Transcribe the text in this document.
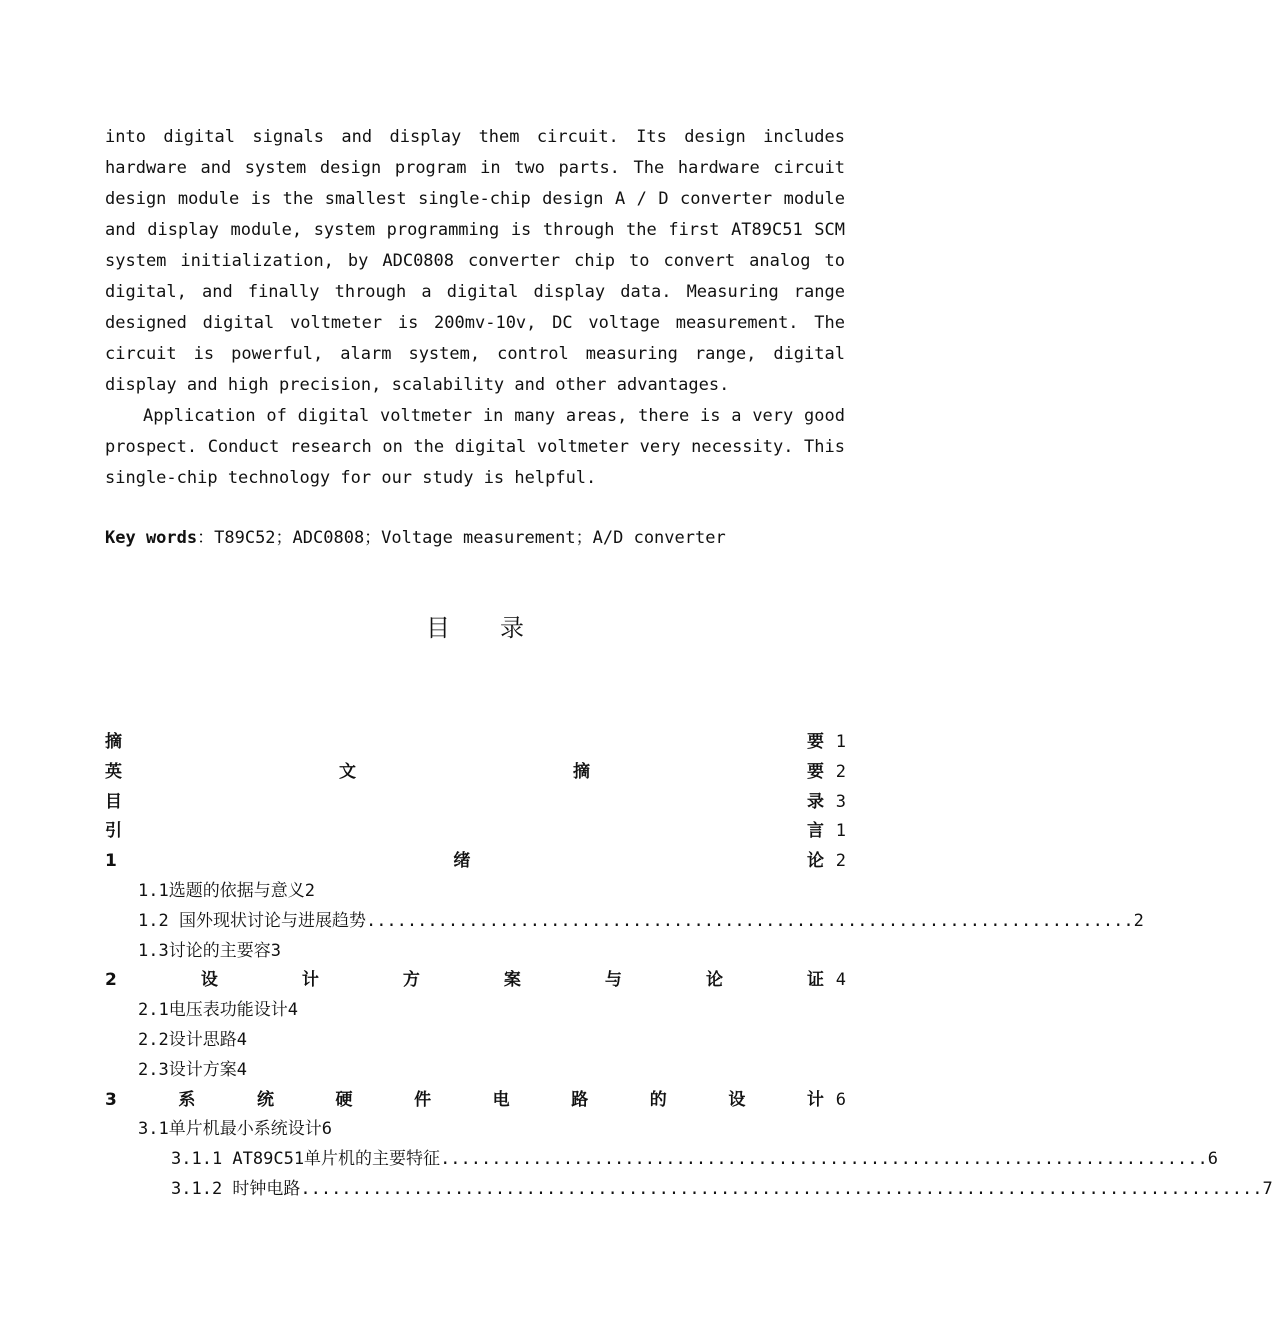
into digital signals and display them circuit. Its design includes hardware and system design program in two parts. The hardware circuit design module is the smallest single-chip design A / D converter module and display module, system programming is through the first AT89C51 SCM system initialization, by ADC0808 converter chip to convert analog to digital, and finally through a digital display data. Measuring range designed digital voltmeter is 200mv-10v, DC voltage measurement. The circuit is powerful, alarm system, control measuring range, digital display and high precision, scalability and other advantages.
Application of digital voltmeter in many areas, there is a very good prospect. Conduct research on the digital voltmeter very necessity. This single-chip technology for our study is helpful.
Key words：T89C52；ADC0808；Voltage measurement；A/D converter
目录
摘	要 1
英	文	摘	要 2
目	录 3
引	言 1
1	绪	论 2
1.1选题的依据与意义2
1.2 国外现状讨论与进展趋势 ........................................................................... 2
1.3讨论的主要容3
2	设	计	方	案	与	论	证 4
2.1电压表功能设计4
2.2设计思路4
2.3设计方案4
3	系	统	硬	件	电	路	的	设	计 6
3.1单片机最小系统设计6
3.1.1 AT89C51单片机的主要特征 ........................................................................... 6
3.1.2 时钟电路 .............................................................................................. 7
